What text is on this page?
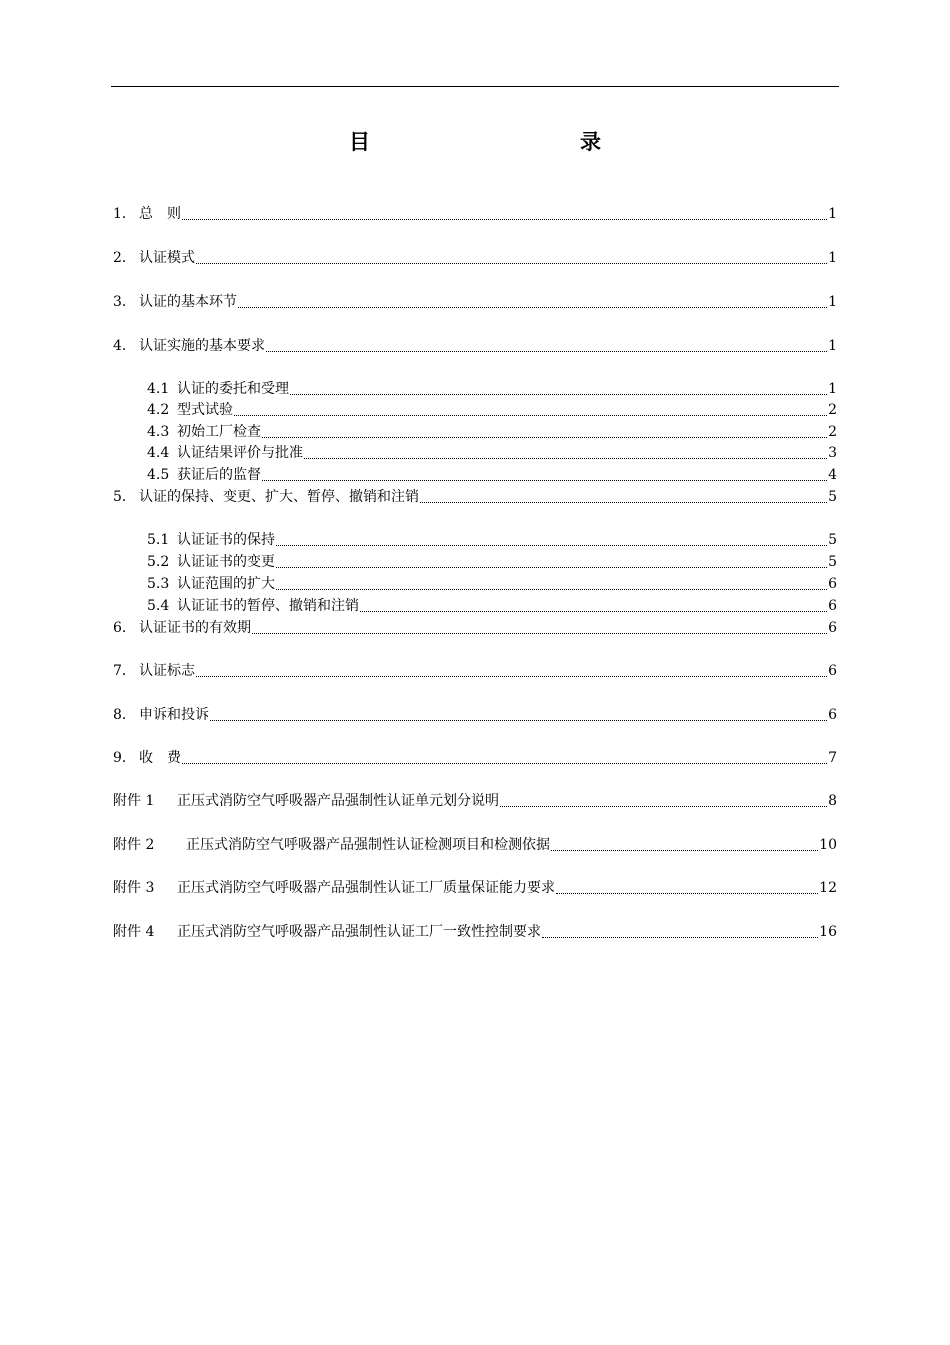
目　　录
1． 总　则	1
2． 认证模式	1
3． 认证的基本环节	1
4． 认证实施的基本要求	1
4.1 认证的委托和受理	1
4.2 型式试验	2
4.3 初始工厂检查	2
4.4 认证结果评价与批准	3
4.5 获证后的监督	4
5． 认证的保持、变更、扩大、暂停、撤销和注销	5
5.1 认证证书的保持	5
5.2 认证证书的变更	5
5.3 认证范围的扩大	6
5.4 认证证书的暂停、撤销和注销	6
6． 认证证书的有效期	6
7． 认证标志	6
8． 申诉和投诉	6
9． 收　费	7
附件 1	正压式消防空气呼吸器产品强制性认证单元划分说明	8
附件 2	正压式消防空气呼吸器产品强制性认证检测项目和检测依据	10
附件 3	正压式消防空气呼吸器产品强制性认证工厂质量保证能力要求	12
附件 4	正压式消防空气呼吸器产品强制性认证工厂一致性控制要求	16
